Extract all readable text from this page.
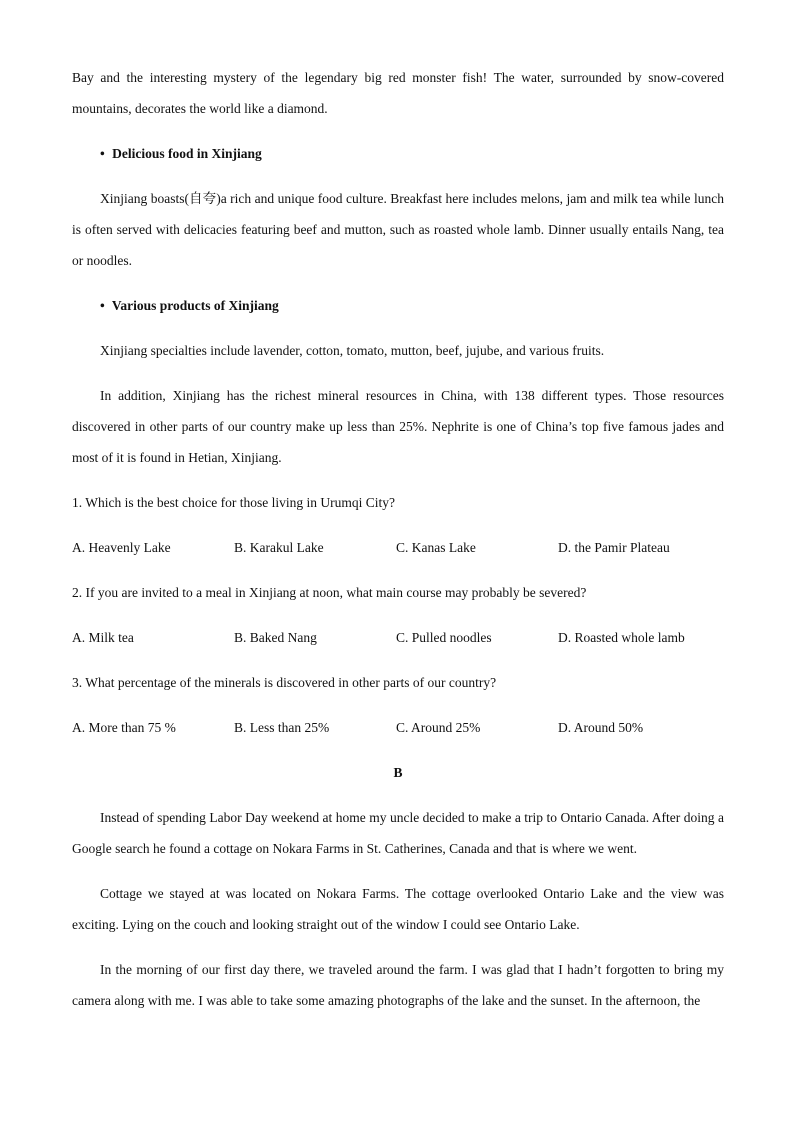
Bay and the interesting mystery of the legendary big red monster fish! The water, surrounded by snow-covered mountains, decorates the world like a diamond.

• Delicious food in Xinjiang

Xinjiang boasts(自夸)a rich and unique food culture. Breakfast here includes melons, jam and milk tea while lunch is often served with delicacies featuring beef and mutton, such as roasted whole lamb. Dinner usually entails Nang, tea or noodles.

• Various products of Xinjiang

Xinjiang specialties include lavender, cotton, tomato, mutton, beef, jujube, and various fruits.

In addition, Xinjiang has the richest mineral resources in China, with 138 different types. Those resources discovered in other parts of our country make up less than 25%. Nephrite is one of China’s top five famous jades and most of it is found in Hetian, Xinjiang.

1. Which is the best choice for those living in Urumqi City?

A. Heavenly Lake	B. Karakul Lake	C. Kanas Lake	D. the Pamir Plateau

2. If you are invited to a meal in Xinjiang at noon, what main course may probably be severed?

A. Milk tea	B. Baked Nang	C. Pulled noodles	D. Roasted whole lamb

3. What percentage of the minerals is discovered in other parts of our country?

A. More than 75 %	B. Less than 25%	C. Around 25%	D. Around 50%
B

Instead of spending Labor Day weekend at home my uncle decided to make a trip to Ontario Canada. After doing a Google search he found a cottage on Nokara Farms in St. Catherines, Canada and that is where we went.

Cottage we stayed at was located on Nokara Farms. The cottage overlooked Ontario Lake and the view was exciting. Lying on the couch and looking straight out of the window I could see Ontario Lake.

In the morning of our first day there, we traveled around the farm. I was glad that I hadn’t forgotten to bring my camera along with me. I was able to take some amazing photographs of the lake and the sunset. In the afternoon, the
